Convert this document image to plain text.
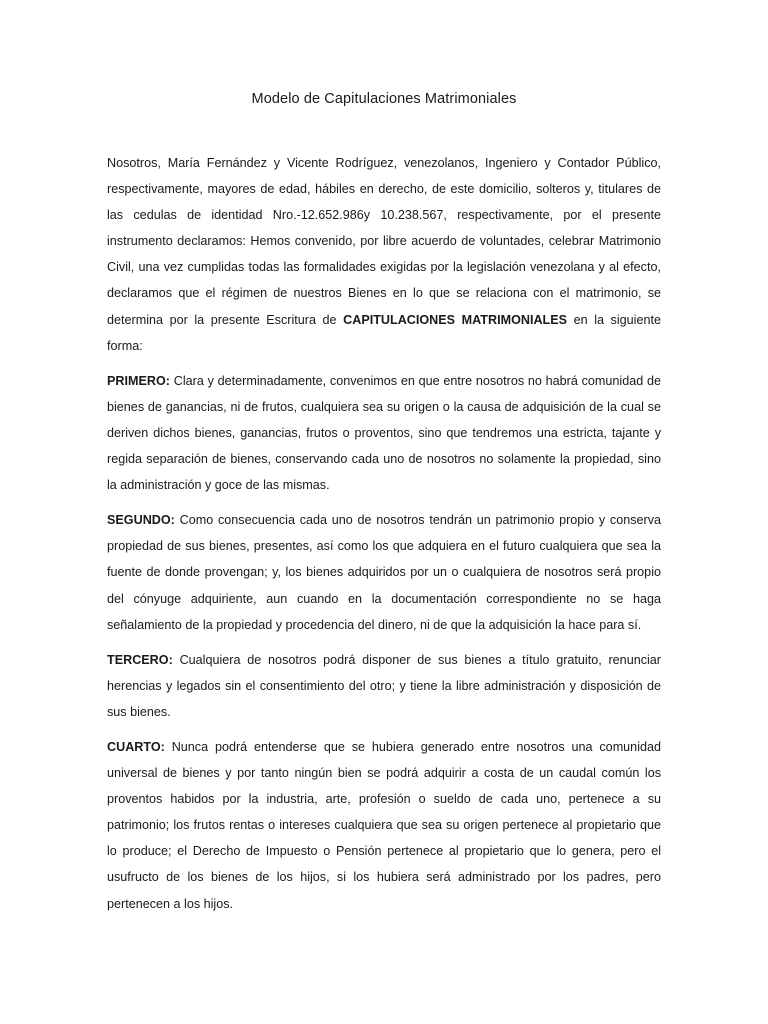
Modelo de Capitulaciones Matrimoniales

Nosotros, María Fernández y Vicente Rodríguez, venezolanos, Ingeniero y Contador Público, respectivamente, mayores de edad, hábiles en derecho, de este domicilio, solteros y, titulares de las cedulas de identidad Nro.-12.652.986y 10.238.567, respectivamente, por el presente instrumento declaramos: Hemos convenido, por libre acuerdo de voluntades, celebrar Matrimonio Civil, una vez cumplidas todas las formalidades exigidas por la legislación venezolana y al efecto, declaramos que el régimen de nuestros Bienes en lo que se relaciona con el matrimonio, se determina por la presente Escritura de CAPITULACIONES MATRIMONIALES en la siguiente forma:

PRIMERO: Clara y determinadamente, convenimos en que entre nosotros no habrá comunidad de bienes de ganancias, ni de frutos, cualquiera sea su origen o la causa de adquisición de la cual se deriven dichos bienes, ganancias, frutos o proventos, sino que tendremos una estricta, tajante y regida separación de bienes, conservando cada uno de nosotros no solamente la propiedad, sino la administración y goce de las mismas.

SEGUNDO: Como consecuencia cada uno de nosotros tendrán un patrimonio propio y conserva propiedad de sus bienes, presentes, así como los que adquiera en el futuro cualquiera que sea la fuente de donde provengan; y, los bienes adquiridos por un o cualquiera de nosotros será propio del cónyuge adquiriente, aun cuando en la documentación correspondiente no se haga señalamiento de la propiedad y procedencia del dinero, ni de que la adquisición la hace para sí.

TERCERO: Cualquiera de nosotros podrá disponer de sus bienes a título gratuito, renunciar herencias y legados sin el consentimiento del otro; y tiene la libre administración y disposición de sus bienes.

CUARTO: Nunca podrá entenderse que se hubiera generado entre nosotros una comunidad universal de bienes y por tanto ningún bien se podrá adquirir a costa de un caudal común los proventos habidos por la industria, arte, profesión o sueldo de cada uno, pertenece a su patrimonio; los frutos rentas o intereses cualquiera que sea su origen pertenece al propietario que lo produce; el Derecho de Impuesto o Pensión pertenece al propietario que lo genera, pero el usufructo de los bienes de los hijos, si los hubiera será administrado por los padres, pero pertenecen a los hijos.
